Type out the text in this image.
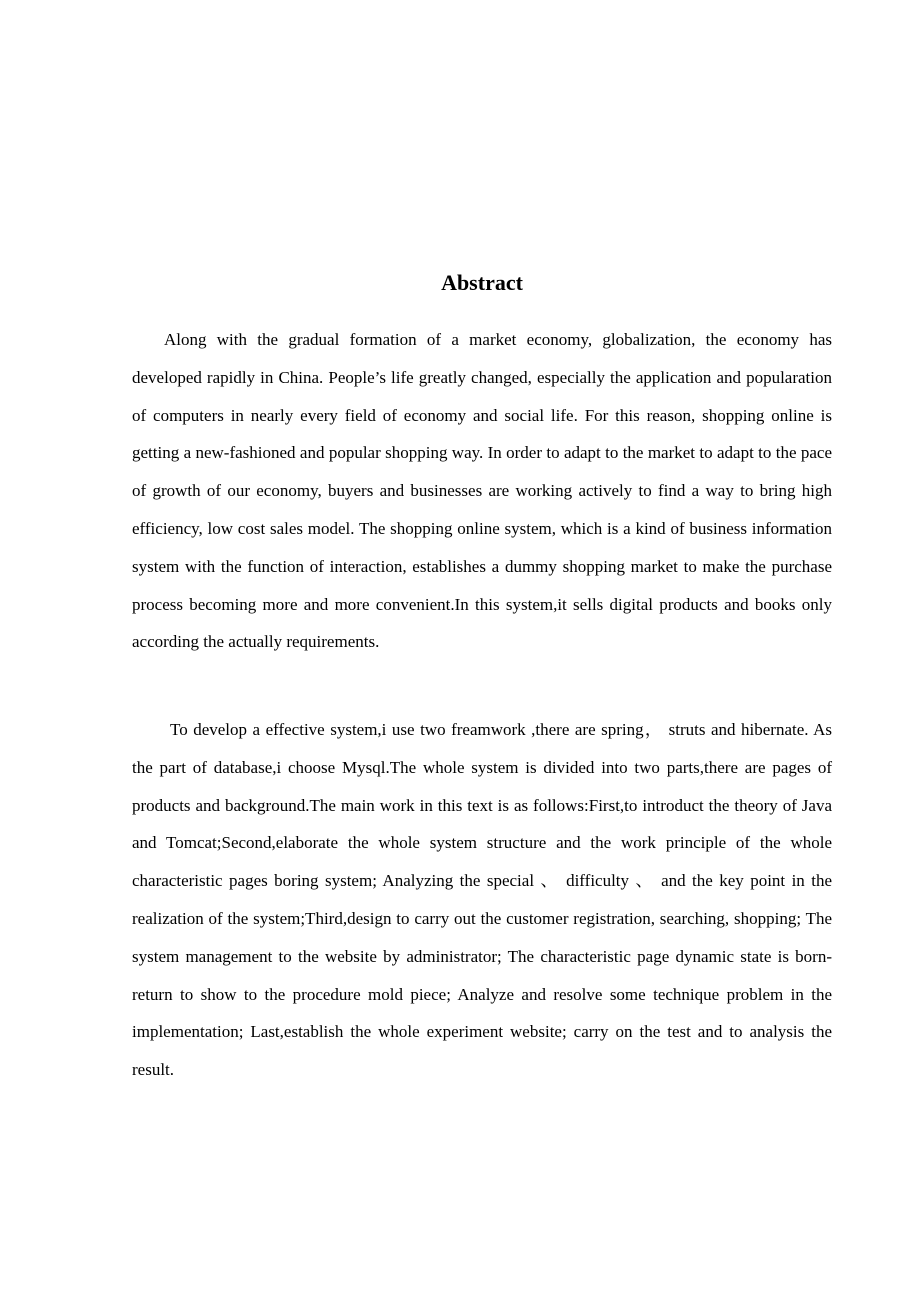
Abstract

Along with the gradual formation of a market economy, globalization, the economy has developed rapidly in China. People’s life greatly changed, especially the application and popularation of computers in nearly every field of economy and social life. For this reason, shopping online is getting a new-fashioned and popular shopping way. In order to adapt to the market to adapt to the pace of growth of our economy, buyers and businesses are working actively to find a way to bring high efficiency, low cost sales model. The shopping online system, which is a kind of business information system with the function of interaction, establishes a dummy shopping market to make the purchase process becoming more and more convenient.In this system,it sells digital products and books only according the actually requirements.

To develop a effective system,i use two freamwork ,there are spring， struts and hibernate. As the part of database,i choose Mysql.The whole system is divided into two parts,there are pages of products and background.The main work in this text is as follows:First,to introduct the theory of Java and Tomcat;Second,elaborate the whole system structure and the work principle of the whole characteristic pages boring system; Analyzing the special 、 difficulty 、 and the key point in the realization of the system;Third,design to carry out the customer registration, searching, shopping; The system management to the website by administrator; The characteristic page dynamic state is born- return to show to the procedure mold piece; Analyze and resolve some technique problem in the implementation; Last,establish the whole experiment website; carry on the test and to analysis the result.
